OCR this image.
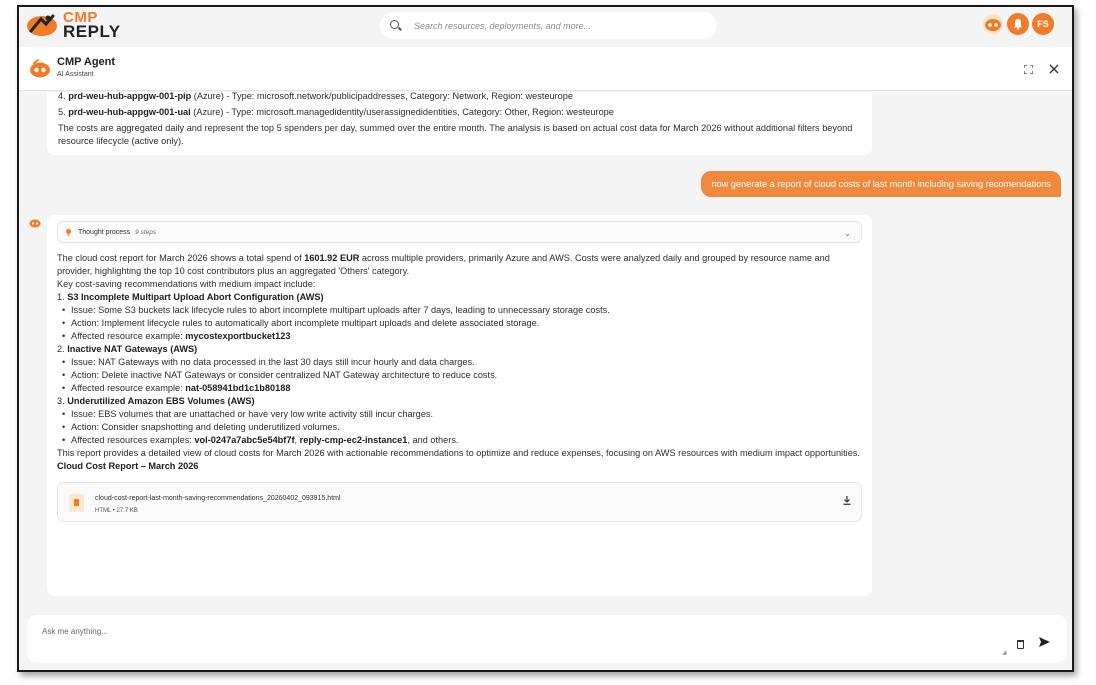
CMP
REPLY
Search resources, deployments, and more...	FS
CMP Agent
AI Assistant

4. prd-weu-hub-appgw-001-pip (Azure) - Type: microsoft.network/publicipaddresses, Category: Network, Region: westeurope

5. prd-weu-hub-appgw-001-uai (Azure) - Type: microsoft.managedidentity/userassignedidentities, Category: Other, Region: westeurope

The costs are aggregated daily and represent the top 5 spenders per day, summed over the entire month. The analysis is based on actual cost data for March 2026 without additional filters beyond resource lifecycle (active only).

now generate a report of cloud costs of last month including saving recomendations
Thought process 9 steps	⌄

The cloud cost report for March 2026 shows a total spend of 1601.92 EUR across multiple providers, primarily Azure and AWS. Costs were analyzed daily and grouped by resource name and provider, highlighting the top 10 cost contributors plus an aggregated 'Others' category.

Key cost-saving recommendations with medium impact include:

1. S3 Incomplete Multipart Upload Abort Configuration (AWS)

• Issue: Some S3 buckets lack lifecycle rules to abort incomplete multipart uploads after 7 days, leading to unnecessary storage costs.

• Action: Implement lifecycle rules to automatically abort incomplete multipart uploads and delete associated storage.

• Affected resource example: mycostexportbucket123

2. Inactive NAT Gateways (AWS)

• Issue: NAT Gateways with no data processed in the last 30 days still incur hourly and data charges.

• Action: Delete inactive NAT Gateways or consider centralized NAT Gateway architecture to reduce costs.

• Affected resource example: nat-058941bd1c1b80188

3. Underutilized Amazon EBS Volumes (AWS)

• Issue: EBS volumes that are unattached or have very low write activity still incur charges.

• Action: Consider snapshotting and deleting underutilized volumes.

• Affected resources examples: vol-0247a7abc5e54bf7f, reply-cmp-ec2-instance1, and others.

This report provides a detailed view of cloud costs for March 2026 with actionable recommendations to optimize and reduce expenses, focusing on AWS resources with medium impact opportunities.

Cloud Cost Report – March 2026

cloud-cost-report-last-month-saving-recommendations_20260402_093915.html
HTML • 27.7 KB
Ask me anything...
◢
